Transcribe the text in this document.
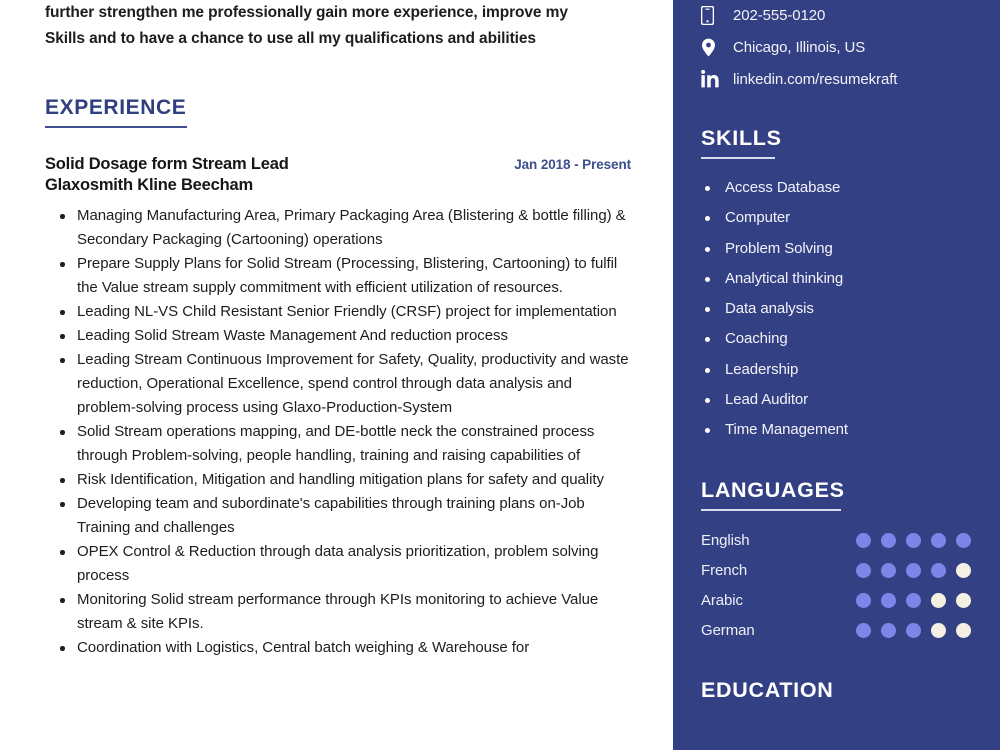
further strengthen me professionally gain more experience, improve my
Skills and to have a chance to use all my qualifications and abilities
EXPERIENCE
Solid Dosage form Stream Lead	Jan 2018 - Present
Glaxosmith Kline Beecham
Managing Manufacturing Area, Primary Packaging Area (Blistering & bottle filling) & Secondary Packaging (Cartooning) operations
Prepare Supply Plans for Solid Stream (Processing, Blistering, Cartooning) to fulfil the Value stream supply commitment with efficient utilization of resources.
Leading NL-VS Child Resistant Senior Friendly (CRSF) project for implementation
Leading Solid Stream Waste Management And reduction process
Leading Stream Continuous Improvement for Safety, Quality, productivity and waste reduction, Operational Excellence, spend control through data analysis and problem-solving process using Glaxo-Production-System
Solid Stream operations mapping, and DE-bottle neck the constrained process through Problem-solving, people handling, training and raising capabilities of
Risk Identification, Mitigation and handling mitigation plans for safety and quality
Developing team and subordinate's capabilities through training plans on-Job Training and challenges
OPEX Control & Reduction through data analysis prioritization, problem solving process
Monitoring Solid stream performance through KPIs monitoring to achieve Value stream & site KPIs.
Coordination with Logistics, Central batch weighing & Warehouse for
202-555-0120
Chicago, Illinois, US
linkedin.com/resumekraft
SKILLS
Access Database
Computer
Problem Solving
Analytical thinking
Data analysis
Coaching
Leadership
Lead Auditor
Time Management
LANGUAGES
English
French
Arabic
German
EDUCATION
